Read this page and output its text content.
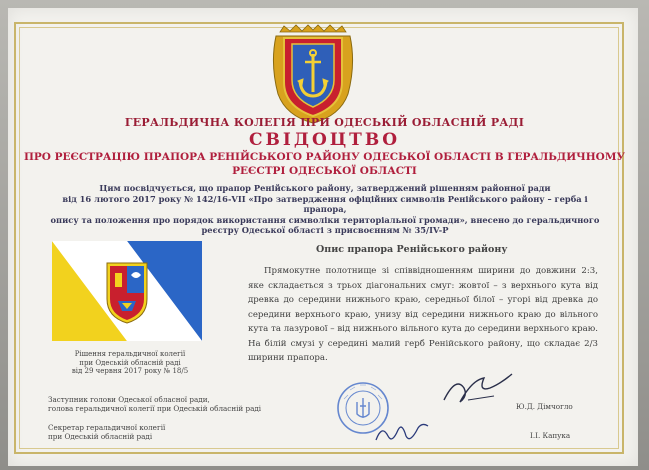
ГЕРАЛЬДИЧНА КОЛЕГІЯ ПРИ ОДЕСЬКІЙ ОБЛАСНІЙ РАДІ
СВІДОЦТВО
ПРО РЕЄСТРАЦІЮ ПРАПОРА РЕНІЙСЬКОГО РАЙОНУ ОДЕСЬКОЇ ОБЛАСТІ В ГЕРАЛЬДИЧНОМУ
РЕЄСТРІ ОДЕСЬКОЇ ОБЛАСТІ
Цим посвідчується, що прапор Ренійського району, затверджений рішенням районної ради
від 16 лютого 2017 року № 142/16-VII «Про затвердження офіційних символів Ренійського району – герба і прапора,
опису та положення про порядок використання символіки територіальної громади», внесено до геральдичного
реєстру Одеської області з присвоєнням № 35/IV-Р
Рішення геральдичної колегії
при Одеській обласній раді
від 29 червня 2017 року № 18/5
Опис прапора Ренійського району
Прямокутне полотнище зі співвідношенням ширини до довжини 2:3, яке складається з трьох діагональних смуг: жовтої – з верхнього кута від древка до середини нижнього краю, середньої білої – угорі від древка до середини верхнього краю, унизу від середини нижнього краю до вільного кута та лазурової – від нижнього вільного кута до середини верхнього краю. На білій смузі у середині малий герб Ренійського району, що складає 2/3 ширини прапора.
Заступник голови Одеської обласної ради,
голова геральдичної колегії при Одеській обласній раді	Ю.Д. Дімчогло
Секретар геральдичної колегії
при Одеській обласній раді	І.І. Капука
